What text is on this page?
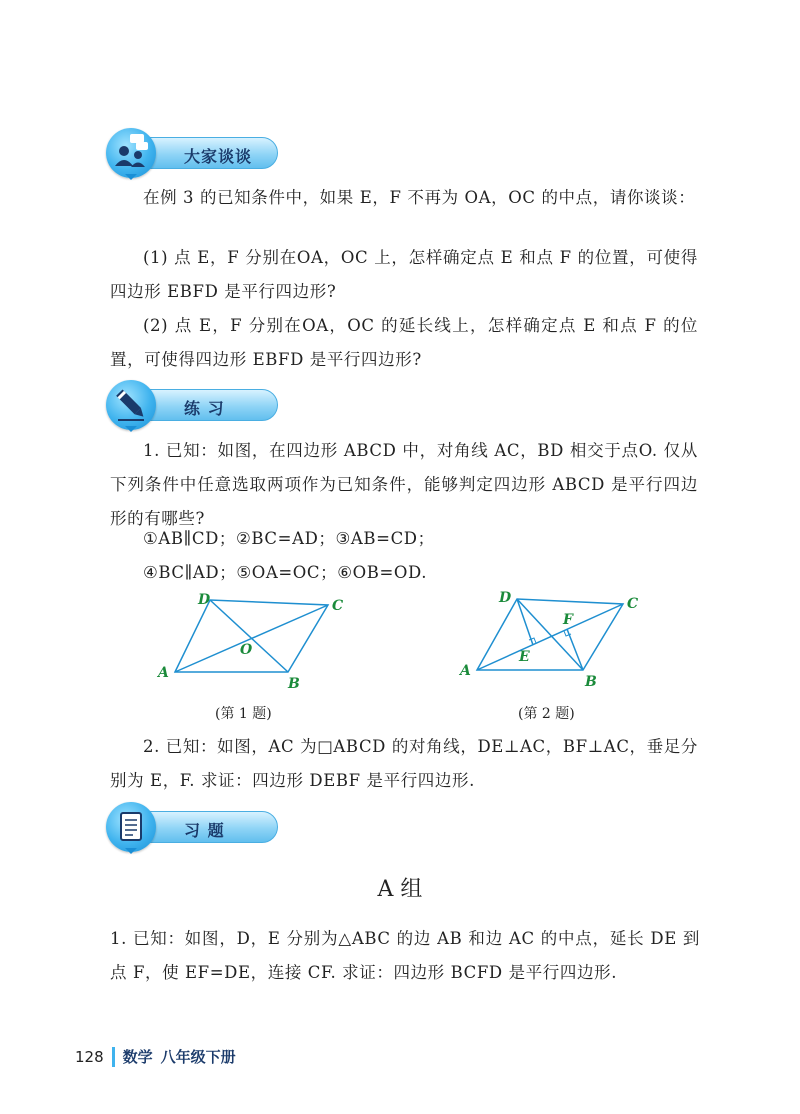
大家谈谈
在例 3 的已知条件中，如果 E，F 不再为 OA，OC 的中点，请你谈谈：
(1) 点 E，F 分别在OA，OC 上，怎样确定点 E 和点 F 的位置，可使得四边形 EBFD 是平行四边形?
(2) 点 E，F 分别在OA，OC 的延长线上，怎样确定点 E 和点 F 的位置，可使得四边形 EBFD 是平行四边形?
练 习
1. 已知：如图，在四边形 ABCD 中，对角线 AC，BD 相交于点O. 仅从下列条件中任意选取两项作为已知条件，能够判定四边形 ABCD 是平行四边形的有哪些?
①AB∥CD；②BC=AD；③AB=CD；
④BC∥AD；⑤OA=OC；⑥OB=OD.
A
B
C
D
O
A
B
C
D
E
F
(第 1 题)	(第 2 题)
2. 已知：如图，AC 为□ABCD 的对角线，DE⊥AC，BF⊥AC，垂足分别为 E，F. 求证：四边形 DEBF 是平行四边形.
习 题
A 组
1. 已知：如图，D，E 分别为△ABC 的边 AB 和边 AC 的中点，延长 DE 到点 F，使 EF=DE，连接 CF. 求证：四边形 BCFD 是平行四边形.
128 数学 八年级下册
